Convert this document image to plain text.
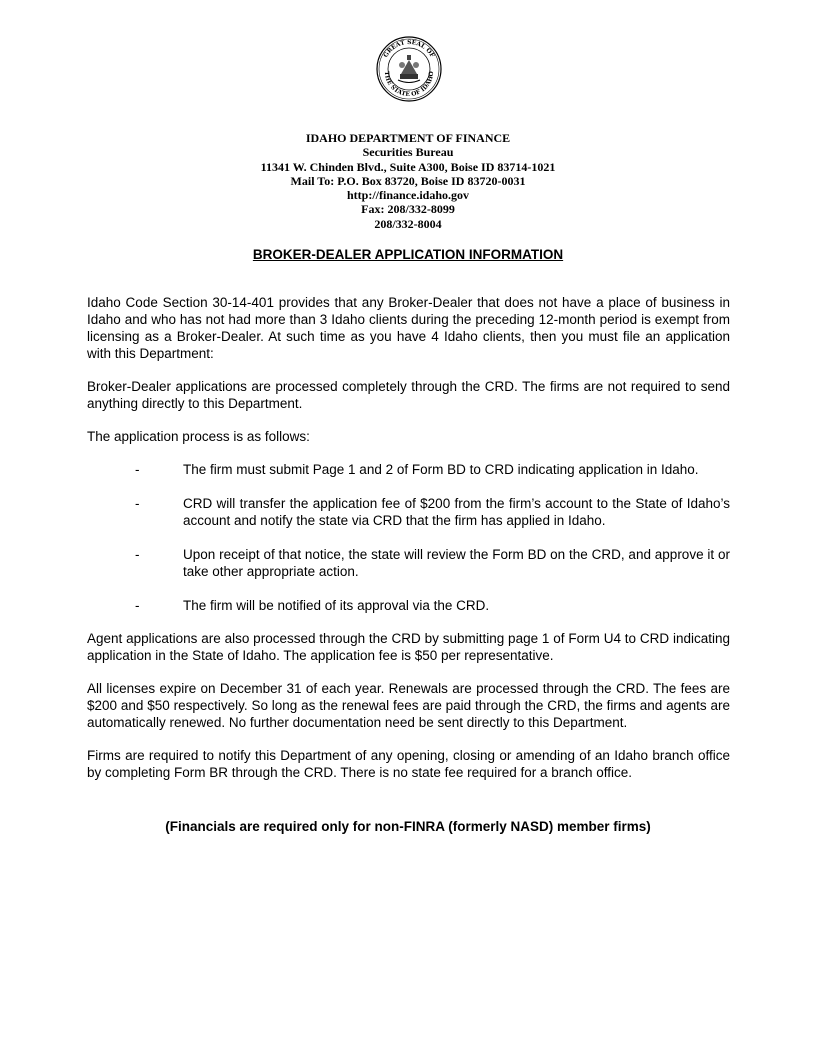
GREAT SEAL OF
THE STATE OF IDAHO
IDAHO DEPARTMENT OF FINANCE
Securities Bureau
11341 W. Chinden Blvd., Suite A300, Boise ID 83714-1021
Mail To: P.O. Box 83720, Boise ID 83720-0031
http://finance.idaho.gov
Fax: 208/332-8099
208/332-8004
BROKER-DEALER APPLICATION INFORMATION

Idaho Code Section 30-14-401 provides that any Broker-Dealer that does not have a place of business in Idaho and who has not had more than 3 Idaho clients during the preceding 12-month period is exempt from licensing as a Broker-Dealer. At such time as you have 4 Idaho clients, then you must file an application with this Department:

Broker-Dealer applications are processed completely through the CRD. The firms are not required to send anything directly to this Department.

The application process is as follows:

-	The firm must submit Page 1 and 2 of Form BD to CRD indicating application in Idaho.
-	CRD will transfer the application fee of $200 from the firm’s account to the State of Idaho’s account and notify the state via CRD that the firm has applied in Idaho.
-	Upon receipt of that notice, the state will review the Form BD on the CRD, and approve it or take other appropriate action.
-	The firm will be notified of its approval via the CRD.

Agent applications are also processed through the CRD by submitting page 1 of Form U4 to CRD indicating application in the State of Idaho. The application fee is $50 per representative.

All licenses expire on December 31 of each year. Renewals are processed through the CRD. The fees are $200 and $50 respectively. So long as the renewal fees are paid through the CRD, the firms and agents are automatically renewed. No further documentation need be sent directly to this Department.

Firms are required to notify this Department of any opening, closing or amending of an Idaho branch office by completing Form BR through the CRD. There is no state fee required for a branch office.

(Financials are required only for non-FINRA (formerly NASD) member firms)
